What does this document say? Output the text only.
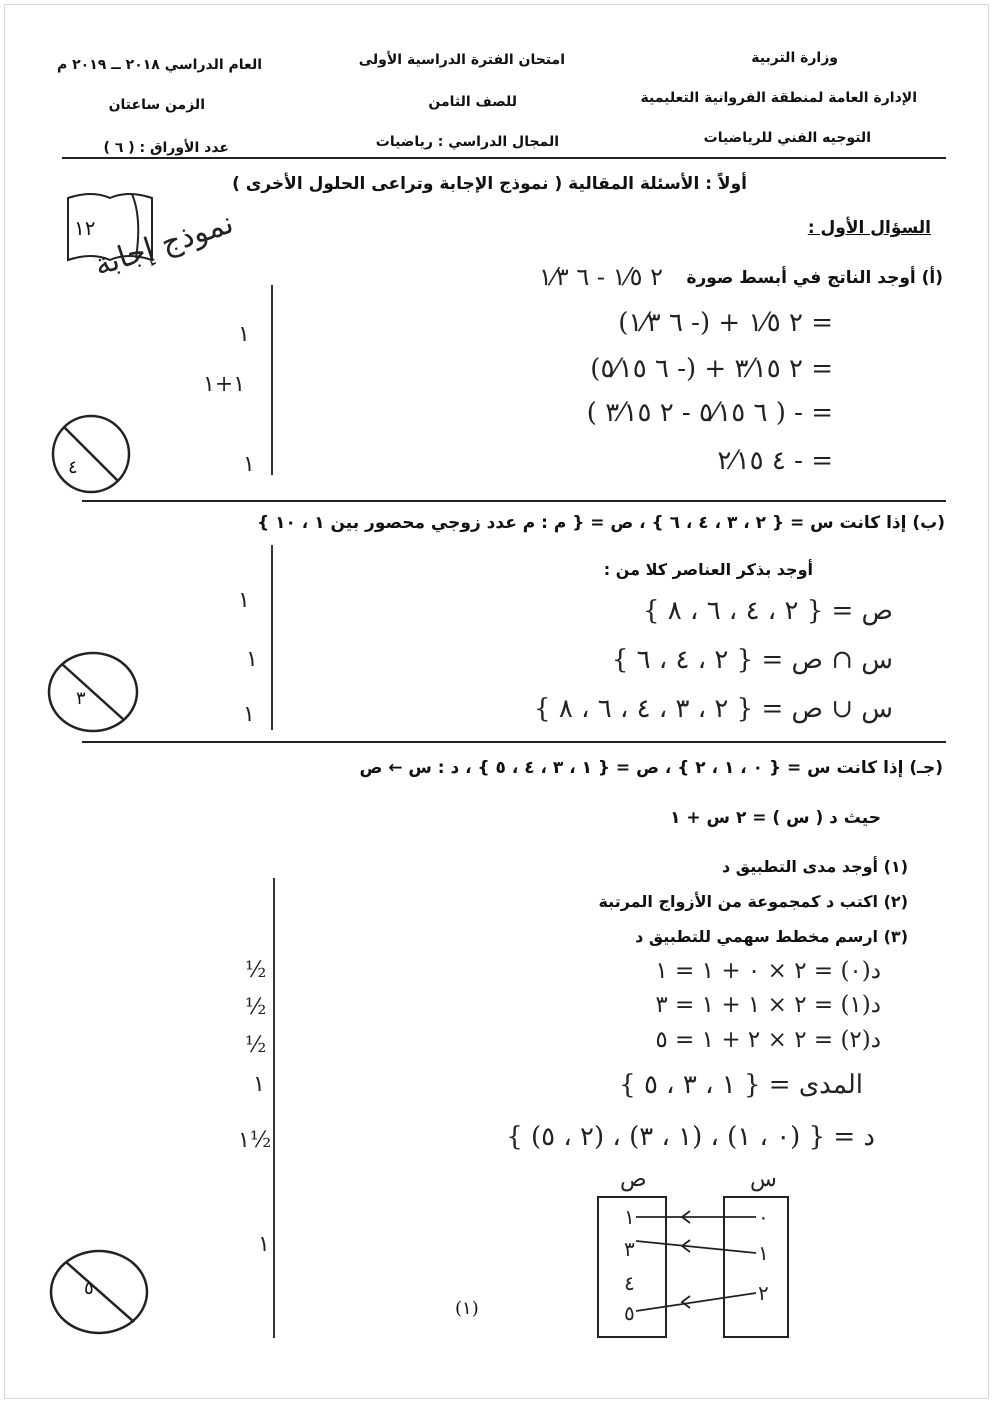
وزارة التربية
الإدارة العامة لمنطقة الفروانية التعليمية
التوجيه الفني للرياضيات
امتحان الفترة الدراسية الأولى
للصف الثامن
المجال الدراسي : رياضيات
العام الدراسي ٢٠١٨ ــ ٢٠١٩ م
الزمن ساعتان
عدد الأوراق : ( ٦ )
أولاً : الأسئلة المقالية ( نموذج الإجابة وتراعى الحلول الأخرى )
١٢
نموذج إجابة	السؤال الأول :
(أ) أوجد الناتج في أبسط صورة
٢ ١⁄٥ - ٦ ١⁄٣
= ٢ ١⁄٥ + (- ٦ ١⁄٣)
= ٢ ٣⁄١٥ + (- ٦ ٥⁄١٥)
= - ( ٦ ٥⁄١٥ - ٢ ٣⁄١٥ )
= - ٤ ٢⁄١٥
١
١+١
١
٤
(ب) إذا كانت س = { ٢ ، ٣ ، ٤ ، ٦ } ، ص = { م : م عدد زوجي محصور بين ١ ، ١٠ }
أوجد بذكر العناصر كلا من :
ص = { ٢ ، ٤ ، ٦ ، ٨ }
س ∩ ص = { ٢ ، ٤ ، ٦ }
س ∪ ص = { ٢ ، ٣ ، ٤ ، ٦ ، ٨ }
١
١
١
٣
(جـ) إذا كانت س = { ٠ ، ١ ، ٢ } ، ص = { ١ ، ٣ ، ٤ ، ٥ } ، د : س ← ص
حيث د ( س ) = ٢ س + ١
(١) أوجد مدى التطبيق د
(٢) اكتب د كمجموعة من الأزواج المرتبة
(٣) ارسم مخطط سهمي للتطبيق د
د(٠) = ٢ × ٠ + ١ = ١
د(١) = ٢ × ١ + ١ = ٣
د(٢) = ٢ × ٢ + ١ = ٥
المدى = { ١ ، ٣ ، ٥ }
د = { (٠ ، ١) ، (١ ، ٣) ، (٢ ، ٥) }
½
½
½
١
١½
١
٥
ص	س
٠
١
٢
١
٣
٤
٥
(١)
